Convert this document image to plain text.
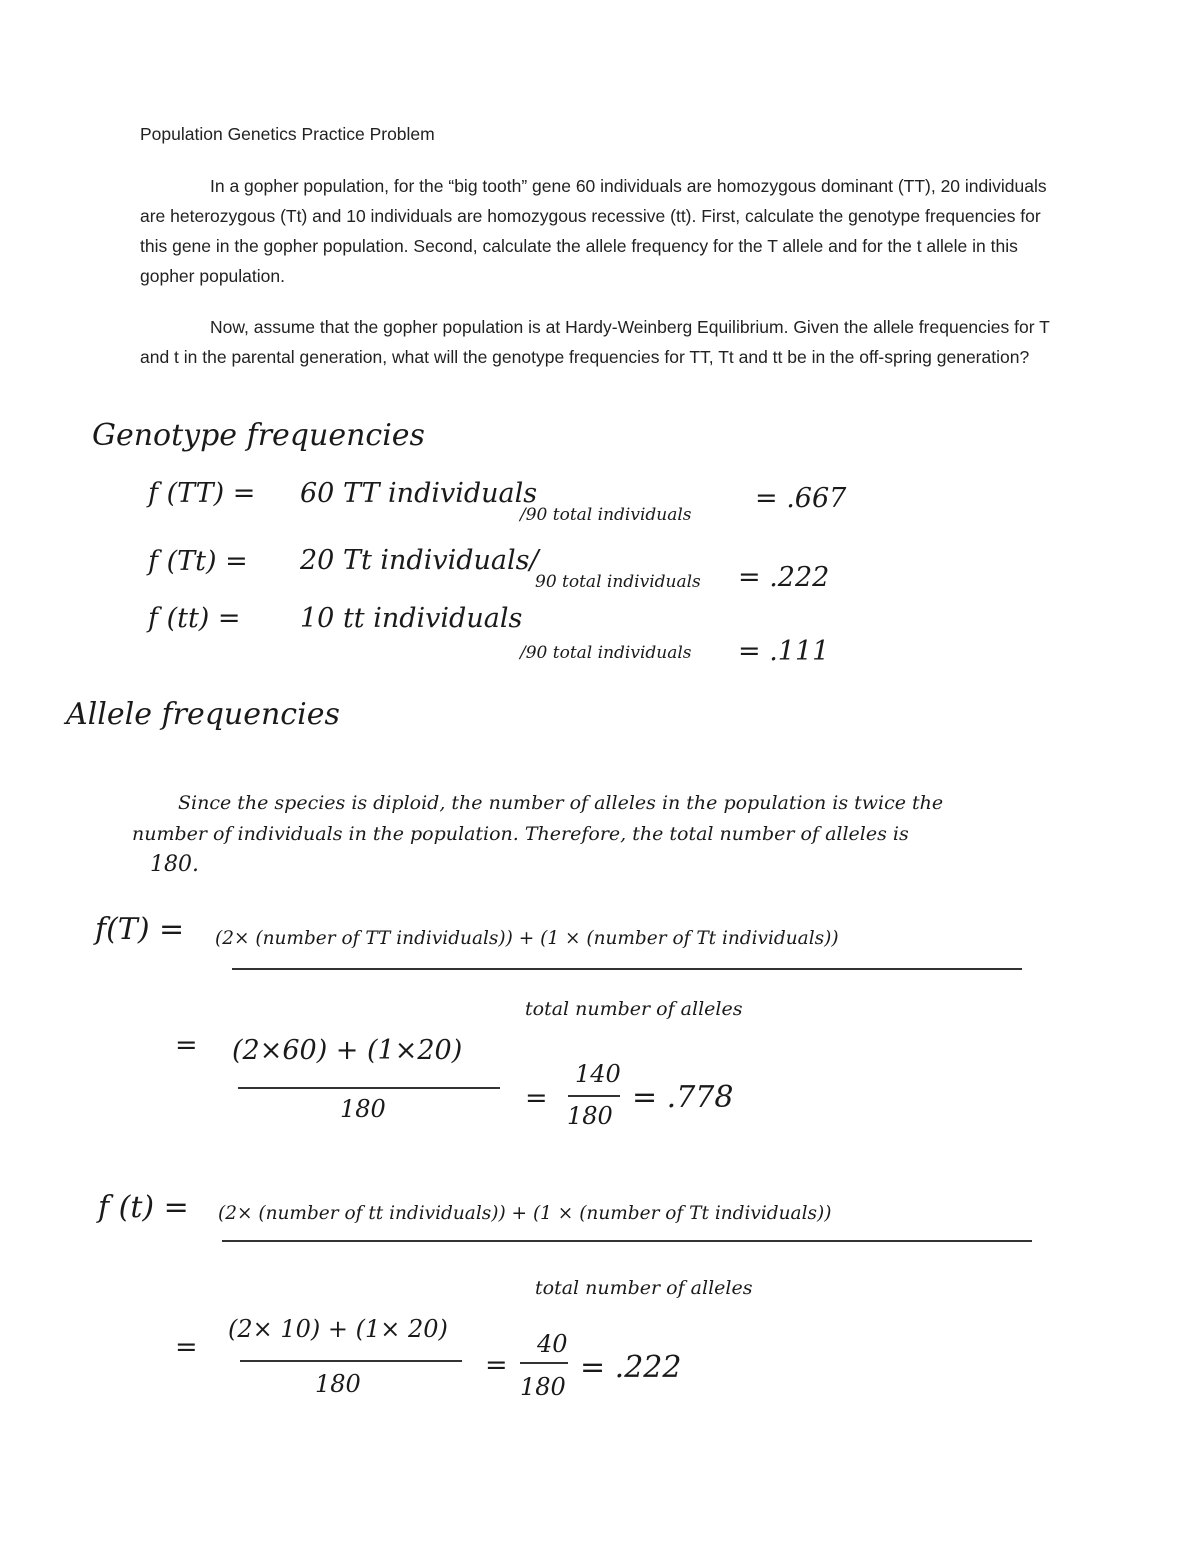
Population Genetics Practice Problem
In a gopher population, for the “big tooth” gene 60 individuals are homozygous dominant (TT), 20 individuals are heterozygous (Tt) and 10 individuals are homozygous recessive (tt). First, calculate the genotype frequencies for this gene in the gopher population. Second, calculate the allele frequency for the T allele and for the t allele in this gopher population.
Now, assume that the gopher population is at Hardy-Weinberg Equilibrium. Given the allele frequencies for T and t in the parental generation, what will the genotype frequencies for TT, Tt and tt be in the off-spring generation?
Genotype frequencies
f (TT) = 60 TT individuals
/90 total individuals
= .667
f (Tt) = 20 Tt individuals/
90 total individuals = .222
f (tt) = 10 tt individuals
/90 total individuals = .111
Allele frequencies
Since the species is diploid, the number of alleles in the population is twice the
number of individuals in the population. Therefore, the total number of alleles is
180.
f(T) = (2× (number of TT individuals)) + (1 × (number of Tt individuals))
total number of alleles
= (2×60) + (1×20)
180	=
140
180
= .778
f (t) = (2× (number of tt individuals)) + (1 × (number of Tt individuals))
total number of alleles
=
(2× 10) + (1× 20)
180
=
40
180
= .222
